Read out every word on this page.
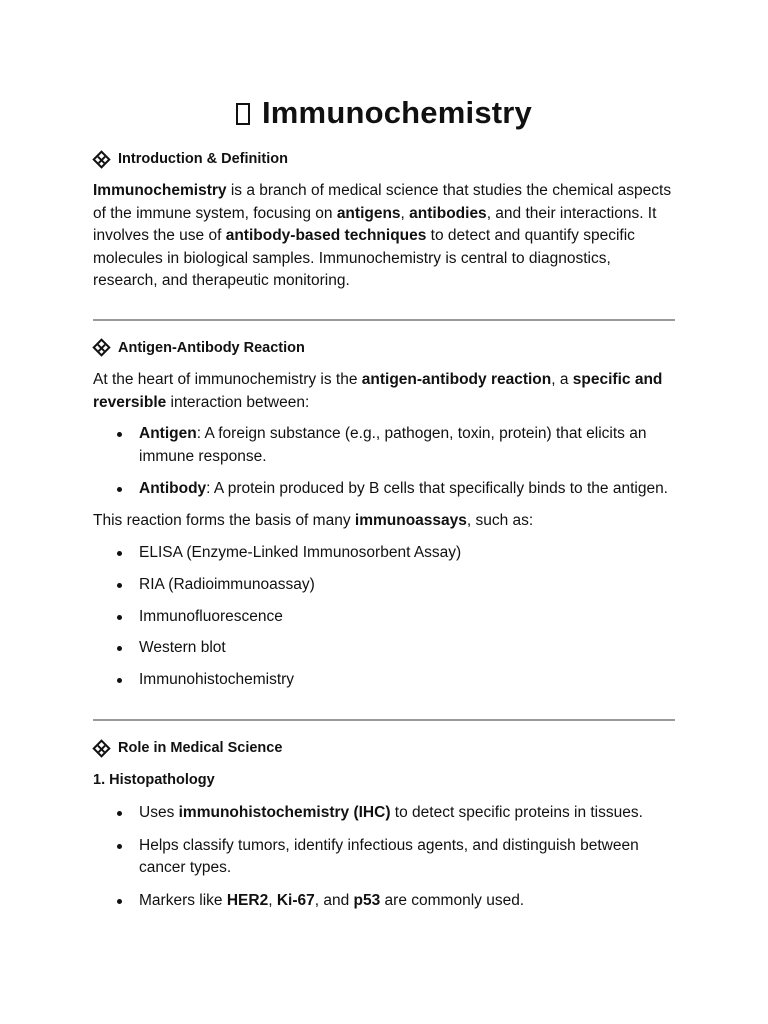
Immunochemistry
Introduction & Definition

Immunochemistry is a branch of medical science that studies the chemical aspects of the immune system, focusing on antigens, antibodies, and their interactions. It involves the use of antibody-based techniques to detect and quantify specific molecules in biological samples. Immunochemistry is central to diagnostics, research, and therapeutic monitoring.

Antigen-Antibody Reaction

At the heart of immunochemistry is the antigen-antibody reaction, a specific and reversible interaction between:

Antigen: A foreign substance (e.g., pathogen, toxin, protein) that elicits an immune response.
Antibody: A protein produced by B cells that specifically binds to the antigen.

This reaction forms the basis of many immunoassays, such as:

ELISA (Enzyme-Linked Immunosorbent Assay)
RIA (Radioimmunoassay)
Immunofluorescence
Western blot
Immunohistochemistry
Role in Medical Science
1. Histopathology
Uses immunohistochemistry (IHC) to detect specific proteins in tissues.
Helps classify tumors, identify infectious agents, and distinguish between cancer types.
Markers like HER2, Ki-67, and p53 are commonly used.
